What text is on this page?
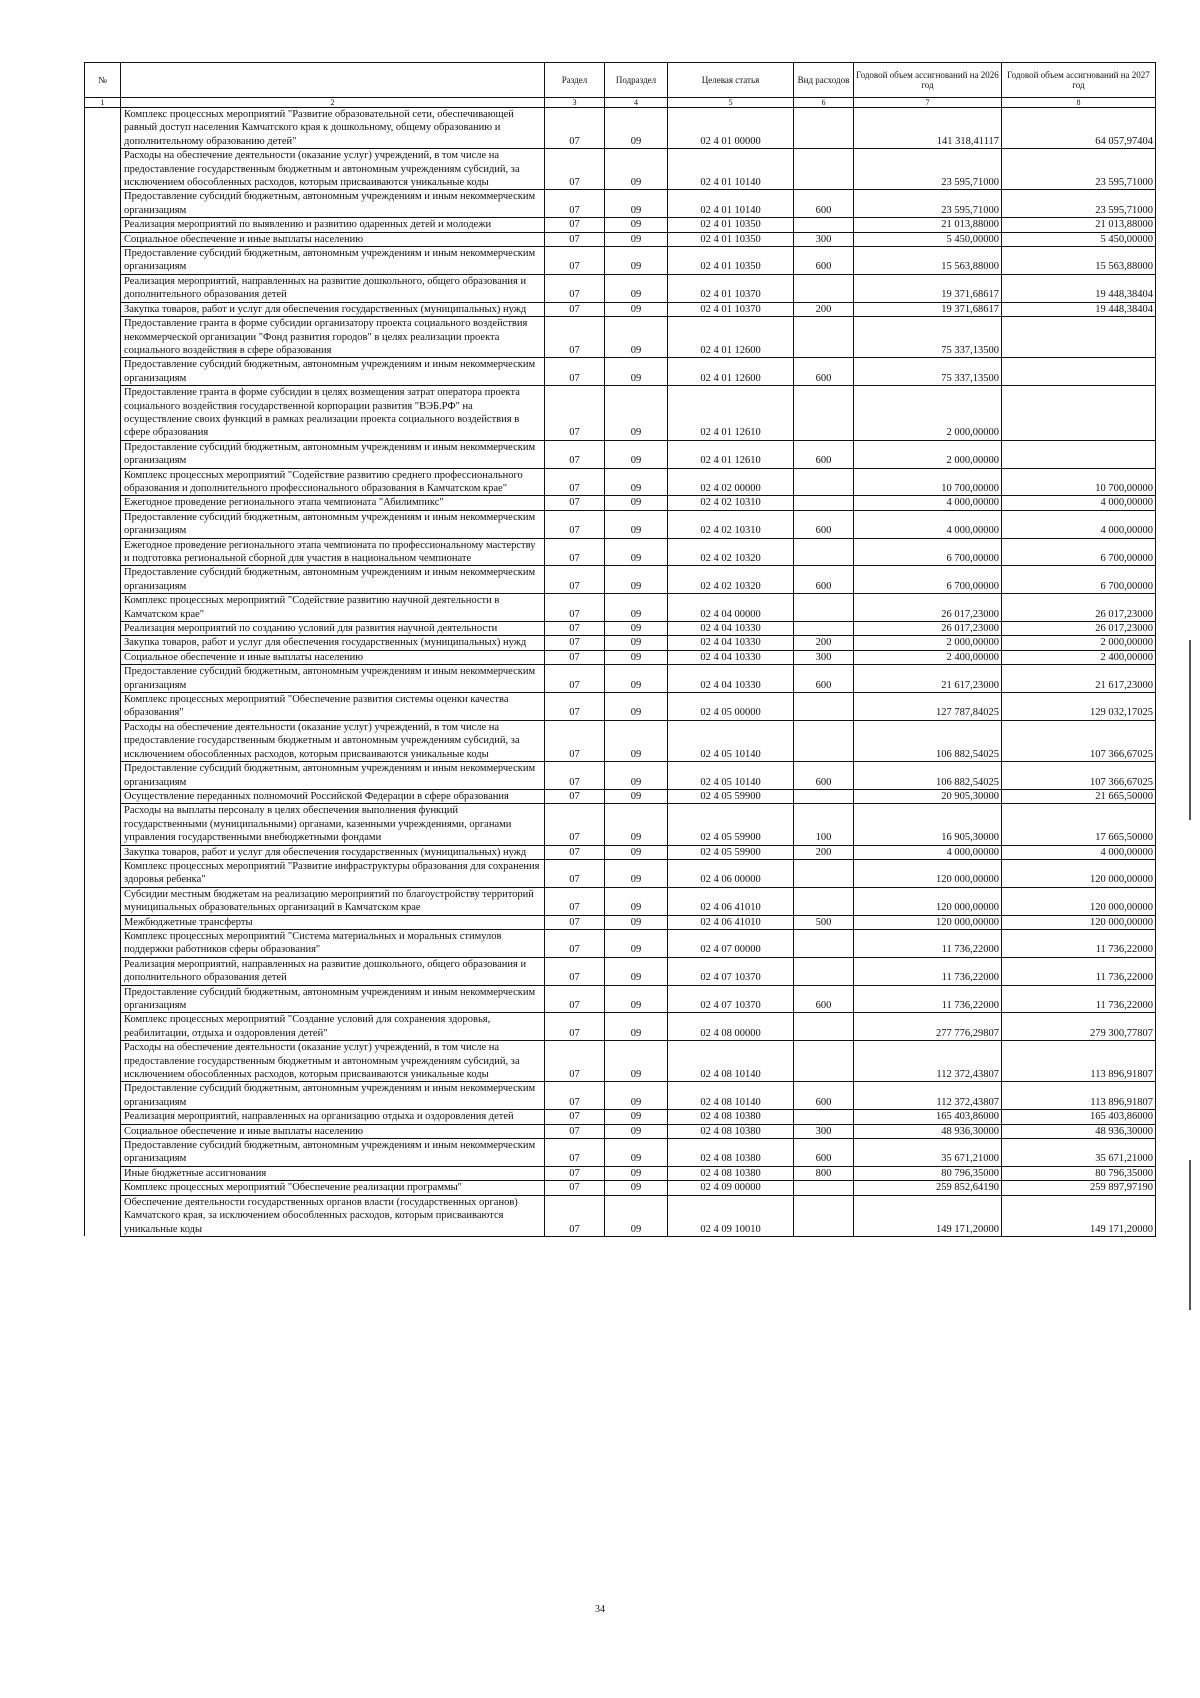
№		Раздел	Подраздел	Целевая статья	Вид расходов	Годовой объем ассигнований на 2026 год	Годовой объем ассигнований на 2027 год
1	2	3	4	5	6	7	8
	Комплекс процессных мероприятий "Развитие образовательной сети, обеспечивающей равный доступ населения Камчатского края к дошкольному, общему образованию и дополнительному образованию детей"	07	09	02 4 01 00000		141 318,41117	64 057,97404
	Расходы на обеспечение деятельности (оказание услуг) учреждений, в том числе на предоставление государственным бюджетным и автономным учреждениям субсидий, за исключением обособленных расходов, которым присваиваются уникальные коды	07	09	02 4 01 10140		23 595,71000	23 595,71000
	Предоставление субсидий бюджетным, автономным учреждениям и иным некоммерческим организациям	07	09	02 4 01 10140	600	23 595,71000	23 595,71000
	Реализация мероприятий по выявлению и развитию одаренных детей и молодежи	07	09	02 4 01 10350		21 013,88000	21 013,88000
	Социальное обеспечение и иные выплаты населению	07	09	02 4 01 10350	300	5 450,00000	5 450,00000
	Предоставление субсидий бюджетным, автономным учреждениям и иным некоммерческим организациям	07	09	02 4 01 10350	600	15 563,88000	15 563,88000
	Реализация мероприятий, направленных на развитие дошкольного, общего образования и дополнительного образования детей	07	09	02 4 01 10370		19 371,68617	19 448,38404
	Закупка товаров, работ и услуг для обеспечения государственных (муниципальных) нужд	07	09	02 4 01 10370	200	19 371,68617	19 448,38404
	Предоставление гранта в форме субсидии организатору проекта социального воздействия некоммерческой организации "Фонд развития городов" в целях реализации проекта социального воздействия в сфере образования	07	09	02 4 01 12600		75 337,13500	
	Предоставление субсидий бюджетным, автономным учреждениям и иным некоммерческим организациям	07	09	02 4 01 12600	600	75 337,13500	
	Предоставление гранта в форме субсидии в целях возмещения затрат оператора проекта социального воздействия государственной корпорации развития "ВЭБ.РФ" на осуществление своих функций в рамках реализации проекта социального воздействия в сфере образования	07	09	02 4 01 12610		2 000,00000	
	Предоставление субсидий бюджетным, автономным учреждениям и иным некоммерческим организациям	07	09	02 4 01 12610	600	2 000,00000	
	Комплекс процессных мероприятий "Содействие развитию среднего профессионального образования и дополнительного профессионального образования в Камчатском крае"	07	09	02 4 02 00000		10 700,00000	10 700,00000
	Ежегодное проведение регионального этапа чемпионата "Абилимпикс"	07	09	02 4 02 10310		4 000,00000	4 000,00000
	Предоставление субсидий бюджетным, автономным учреждениям и иным некоммерческим организациям	07	09	02 4 02 10310	600	4 000,00000	4 000,00000
	Ежегодное проведение регионального этапа чемпионата по профессиональному мастерству и подготовка региональной сборной для участия в национальном чемпионате	07	09	02 4 02 10320		6 700,00000	6 700,00000
	Предоставление субсидий бюджетным, автономным учреждениям и иным некоммерческим организациям	07	09	02 4 02 10320	600	6 700,00000	6 700,00000
	Комплекс процессных мероприятий "Содействие развитию научной деятельности в Камчатском крае"	07	09	02 4 04 00000		26 017,23000	26 017,23000
	Реализация мероприятий по созданию условий для развития научной деятельности	07	09	02 4 04 10330		26 017,23000	26 017,23000
	Закупка товаров, работ и услуг для обеспечения государственных (муниципальных) нужд	07	09	02 4 04 10330	200	2 000,00000	2 000,00000
	Социальное обеспечение и иные выплаты населению	07	09	02 4 04 10330	300	2 400,00000	2 400,00000
	Предоставление субсидий бюджетным, автономным учреждениям и иным некоммерческим организациям	07	09	02 4 04 10330	600	21 617,23000	21 617,23000
	Комплекс процессных мероприятий "Обеспечение развития системы оценки качества образования"	07	09	02 4 05 00000		127 787,84025	129 032,17025
	Расходы на обеспечение деятельности (оказание услуг) учреждений, в том числе на предоставление государственным бюджетным и автономным учреждениям субсидий, за исключением обособленных расходов, которым присваиваются уникальные коды	07	09	02 4 05 10140		106 882,54025	107 366,67025
	Предоставление субсидий бюджетным, автономным учреждениям и иным некоммерческим организациям	07	09	02 4 05 10140	600	106 882,54025	107 366,67025
	Осуществление переданных полномочий Российской Федерации в сфере образования	07	09	02 4 05 59900		20 905,30000	21 665,50000
	Расходы на выплаты персоналу в целях обеспечения выполнения функций государственными (муниципальными) органами, казенными учреждениями, органами управления государственными внебюджетными фондами	07	09	02 4 05 59900	100	16 905,30000	17 665,50000
	Закупка товаров, работ и услуг для обеспечения государственных (муниципальных) нужд	07	09	02 4 05 59900	200	4 000,00000	4 000,00000
	Комплекс процессных мероприятий "Развитие инфраструктуры образования для сохранения здоровья ребенка"	07	09	02 4 06 00000		120 000,00000	120 000,00000
	Субсидии местным бюджетам на реализацию мероприятий по благоустройству территорий муниципальных образовательных организаций в Камчатском крае	07	09	02 4 06 41010		120 000,00000	120 000,00000
	Межбюджетные трансферты	07	09	02 4 06 41010	500	120 000,00000	120 000,00000
	Комплекс процессных мероприятий "Система материальных и моральных стимулов поддержки работников сферы образования"	07	09	02 4 07 00000		11 736,22000	11 736,22000
	Реализация мероприятий, направленных на развитие дошкольного, общего образования и дополнительного образования детей	07	09	02 4 07 10370		11 736,22000	11 736,22000
	Предоставление субсидий бюджетным, автономным учреждениям и иным некоммерческим организациям	07	09	02 4 07 10370	600	11 736,22000	11 736,22000
	Комплекс процессных мероприятий "Создание условий для сохранения здоровья, реабилитации, отдыха и оздоровления детей"	07	09	02 4 08 00000		277 776,29807	279 300,77807
	Расходы на обеспечение деятельности (оказание услуг) учреждений, в том числе на предоставление государственным бюджетным и автономным учреждениям субсидий, за исключением обособленных расходов, которым присваиваются уникальные коды	07	09	02 4 08 10140		112 372,43807	113 896,91807
	Предоставление субсидий бюджетным, автономным учреждениям и иным некоммерческим организациям	07	09	02 4 08 10140	600	112 372,43807	113 896,91807
	Реализация мероприятий, направленных на организацию отдыха и оздоровления детей	07	09	02 4 08 10380		165 403,86000	165 403,86000
	Социальное обеспечение и иные выплаты населению	07	09	02 4 08 10380	300	48 936,30000	48 936,30000
	Предоставление субсидий бюджетным, автономным учреждениям и иным некоммерческим организациям	07	09	02 4 08 10380	600	35 671,21000	35 671,21000
	Иные бюджетные ассигнования	07	09	02 4 08 10380	800	80 796,35000	80 796,35000
	Комплекс процессных мероприятий "Обеспечение реализации программы"	07	09	02 4 09 00000		259 852,64190	259 897,97190
	Обеспечение деятельности государственных органов власти (государственных органов) Камчатского края, за исключением обособленных расходов, которым присваиваются уникальные коды	07	09	02 4 09 10010		149 171,20000	149 171,20000
34
